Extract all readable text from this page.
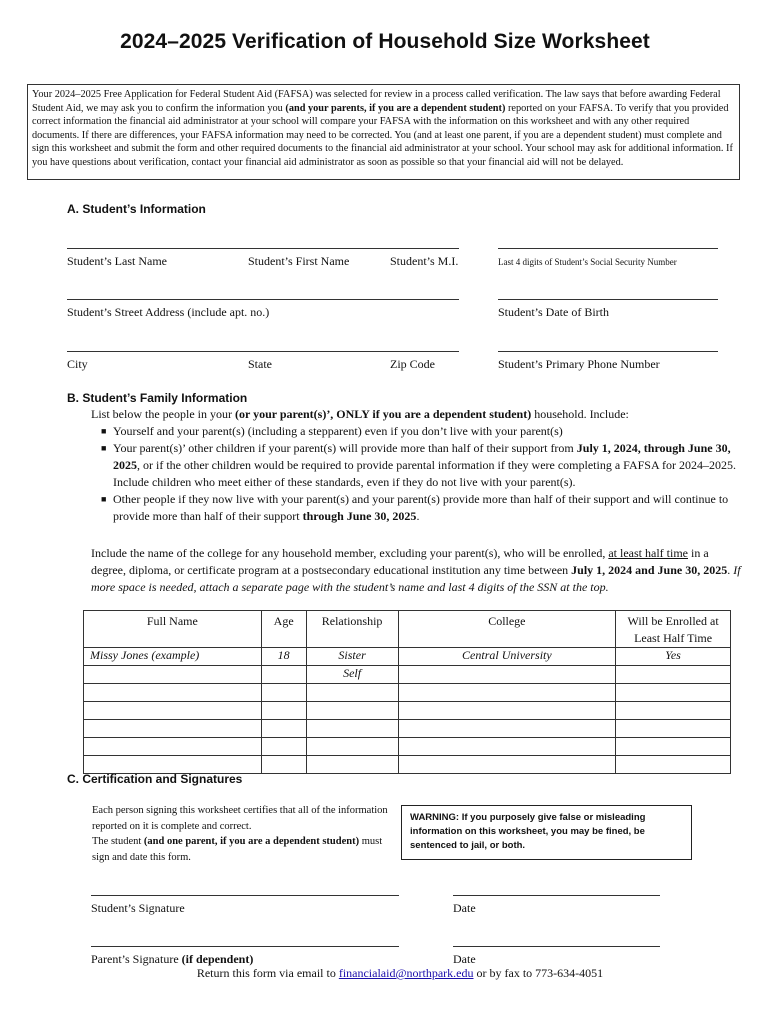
2024–2025 Verification of Household Size Worksheet
Your 2024–2025 Free Application for Federal Student Aid (FAFSA) was selected for review in a process called verification. The law says that before awarding Federal Student Aid, we may ask you to confirm the information you (and your parents, if you are a dependent student) reported on your FAFSA. To verify that you provided correct information the financial aid administrator at your school will compare your FAFSA with the information on this worksheet and with any other required documents. If there are differences, your FAFSA information may need to be corrected. You (and at least one parent, if you are a dependent student) must complete and sign this worksheet and submit the form and other required documents to the financial aid administrator at your school. Your school may ask for additional information. If you have questions about verification, contact your financial aid administrator as soon as possible so that your financial aid will not be delayed.
A. Student’s Information
Student’s Last Name	Student’s First Name	Student’s M.I.	Last 4 digits of Student’s Social Security Number
Student’s Street Address (include apt. no.)	Student’s Date of Birth
City	State	Zip Code	Student’s Primary Phone Number
B. Student’s Family Information
List below the people in your (or your parent(s)’, ONLY if you are a dependent student) household. Include:
■ Yourself and your parent(s) (including a stepparent) even if you don’t live with your parent(s)
■ Your parent(s)’ other children if your parent(s) will provide more than half of their support from July 1, 2024, through June 30, 2025, or if the other children would be required to provide parental information if they were completing a FAFSA for 2024–2025. Include children who meet either of these standards, even if they do not live with your parent(s).
■ Other people if they now live with your parent(s) and your parent(s) provide more than half of their support and will continue to provide more than half of their support through June 30, 2025.
Include the name of the college for any household member, excluding your parent(s), who will be enrolled, at least half time in a degree, diploma, or certificate program at a postsecondary educational institution any time between July 1, 2024 and June 30, 2025. If more space is needed, attach a separate page with the student’s name and last 4 digits of the SSN at the top.
Full Name	Age	Relationship	College	Will be Enrolled at Least Half Time
Missy Jones (example)	18	Sister	Central University	Yes
		Self		

C. Certification and Signatures
Each person signing this worksheet certifies that all of the information reported on it is complete and correct.
The student (and one parent, if you are a dependent student) must sign and date this form.
WARNING: If you purposely give false or misleading information on this worksheet, you may be fined, be sentenced to jail, or both.
Student’s Signature	Date
Parent’s Signature (if dependent)	Date
Return this form via email to financialaid@northpark.edu or by fax to 773-634-4051
